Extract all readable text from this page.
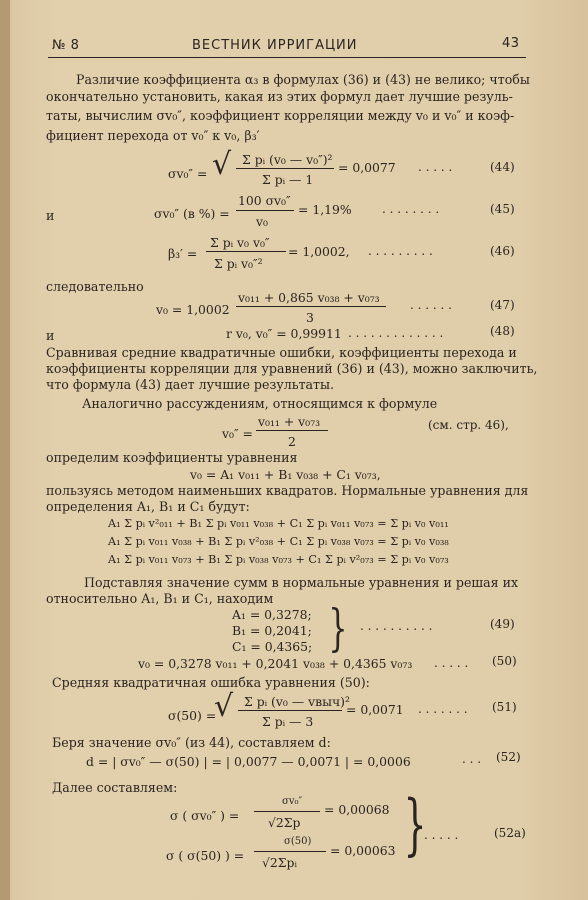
№ 8	ВЕСТНИК ИРРИГАЦИИ	43
Различие коэффициента α₃ в формулах (36) и (43) не велико; чтобы
окончательно установить, какая из этих формул дает лучшие резуль-
таты, вычислим σv₀″, коэффициент корреляции между v₀ и v₀″ и коэф-
фициент перехода от v₀″ к v₀, β₃′
σv₀″ = √ Σ pᵢ (v₀ — v₀″)²
Σ pᵢ — 1
= 0,0077 . . . . .	(44)
и	σv₀″ (в %) =
100 σv₀″
v₀
= 1,19%	. . . . . . . .	(45)
β₃′ =
Σ pᵢ v₀ v₀″
Σ pᵢ v₀″²
= 1,0002, . . . . . . . . .	(46)
следовательно
v₀ = 1,0002
v₀₁₁ + 0,865 v₀₃₈ + v₀₇₃
3
. . . . . .	(47)
и	r v₀, v₀″ = 0,99911 . . . . . . . . . . . . .	(48)
Сравнивая средние квадратичные ошибки, коэффициенты перехода и
коэффициенты корреляции для уравнений (36) и (43), можно заключить,
что формула (43) дает лучшие результаты.
Аналогично рассуждениям, относящимся к формуле
v₀″ =
v₀₁₁ + v₀₇₃
2
(см. стр. 46),
определим коэффициенты уравнения
v₀ = A₁ v₀₁₁ + B₁ v₀₃₈ + C₁ v₀₇₃,
пользуясь методом наименьших квадратов. Нормальные уравнения для
определения A₁, B₁ и C₁ будут:
A₁ Σ pᵢ v²₀₁₁ + B₁ Σ pᵢ v₀₁₁ v₀₃₈ + C₁ Σ pᵢ v₀₁₁ v₀₇₃ = Σ pᵢ v₀ v₀₁₁
A₁ Σ pᵢ v₀₁₁ v₀₃₈ + B₁ Σ pᵢ v²₀₃₈ + C₁ Σ pᵢ v₀₃₈ v₀₇₃ = Σ pᵢ v₀ v₀₃₈
A₁ Σ pᵢ v₀₁₁ v₀₇₃ + B₁ Σ pᵢ v₀₃₈ v₀₇₃ + C₁ Σ pᵢ v²₀₇₃ = Σ pᵢ v₀ v₀₇₃
Подставляя значение сумм в нормальные уравнения и решая их
относительно A₁, B₁ и C₁, находим
A₁ = 0,3278;
B₁ = 0,2041;
C₁ = 0,4365; } . . . . . . . . . .	(49)
v₀ = 0,3278 v₀₁₁ + 0,2041 v₀₃₈ + 0,4365 v₀₇₃ . . . . . (50)
Средняя квадратичная ошибка уравнения (50):
σ(50) =
√ Σ pᵢ (v₀ — vвыч)²
Σ pᵢ — 3
= 0,0071 . . . . . . . (51)
Беря значение σv₀″ (из 44), составляем d:
d = | σv₀″ — σ(50) | = | 0,0077 — 0,0071 | = 0,0006	. . . (52)
Далее составляем:
σ ( σv₀″ ) =
σv₀″
√2Σp
= 0,00068
σ ( σ(50) ) =
σ(50)
√2Σpᵢ
= 0,00063 }
. . . . .	(52a)
